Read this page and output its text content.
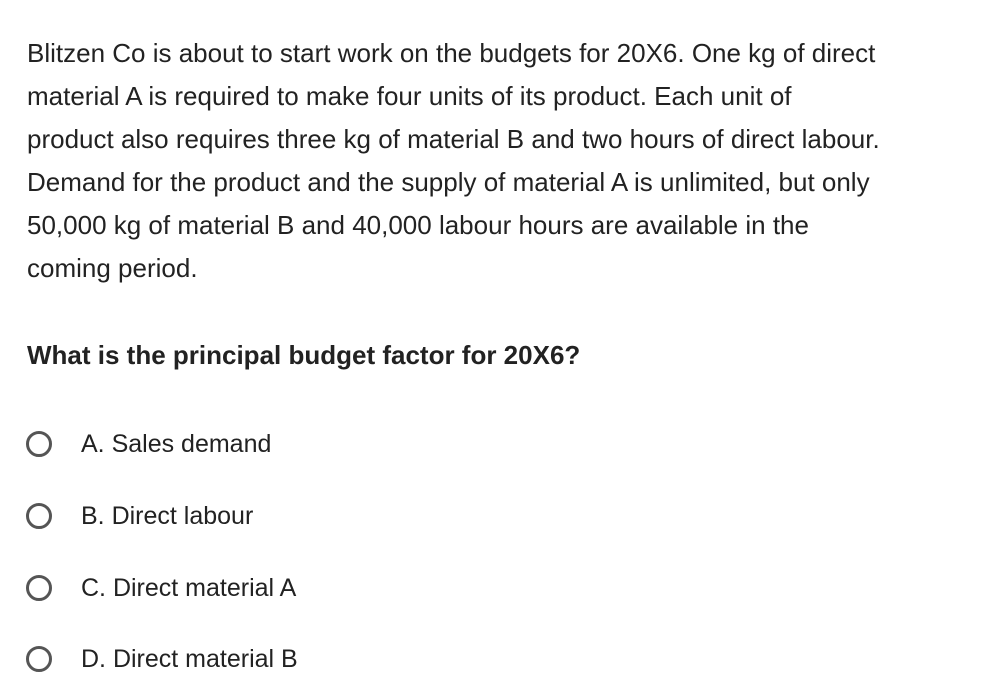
Blitzen Co is about to start work on the budgets for 20X6. One kg of direct
material A is required to make four units of its product. Each unit of
product also requires three kg of material B and two hours of direct labour.
Demand for the product and the supply of material A is unlimited, but only
50,000 kg of material B and 40,000 labour hours are available in the
coming period.

What is the principal budget factor for 20X6?

A. Sales demand
B. Direct labour
C. Direct material A
D. Direct material B
